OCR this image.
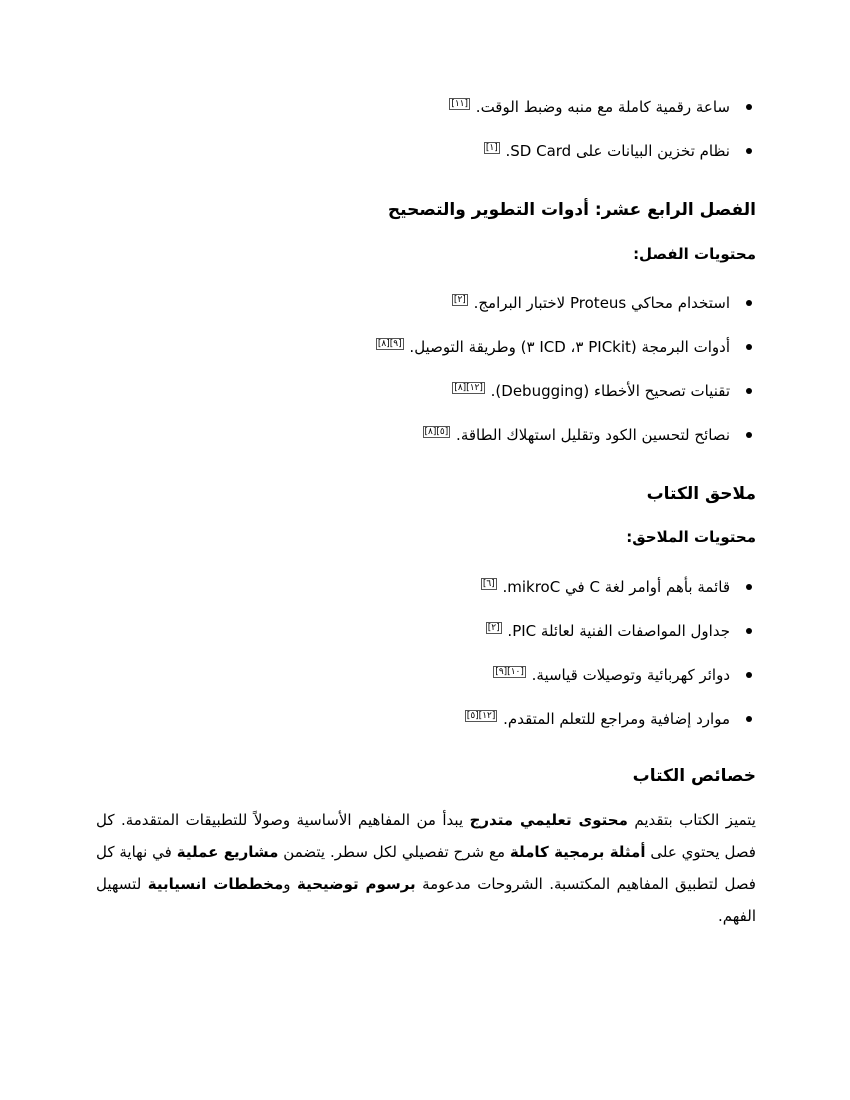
ساعة رقمية كاملة مع منبه وضبط الوقت. [١١]
نظام تخزين البيانات على SD Card. [١]
الفصل الرابع عشر: أدوات التطوير والتصحيح
محتويات الفصل:
استخدام محاكي Proteus لاختبار البرامج. [٢]
أدوات البرمجة (PICkit ٣، ICD ٣) وطريقة التوصيل. [٩][٨]
تقنيات تصحيح الأخطاء (Debugging). [١٢][٨]
نصائح لتحسين الكود وتقليل استهلاك الطاقة. [٥][٨]
ملاحق الكتاب
محتويات الملاحق:
قائمة بأهم أوامر لغة C في mikroC. [٦]
جداول المواصفات الفنية لعائلة PIC. [٢]
دوائر كهربائية وتوصيلات قياسية. [١٠][٩]
موارد إضافية ومراجع للتعلم المتقدم. [١٢][٥]
خصائص الكتاب
يتميز الكتاب بتقديم محتوى تعليمي متدرج يبدأ من المفاهيم الأساسية وصولاً للتطبيقات المتقدمة. كل فصل يحتوي على أمثلة برمجية كاملة مع شرح تفصيلي لكل سطر. يتضمن مشاريع عملية في نهاية كل فصل لتطبيق المفاهيم المكتسبة. الشروحات مدعومة برسوم توضيحية ومخططات انسيابية لتسهيل الفهم.
